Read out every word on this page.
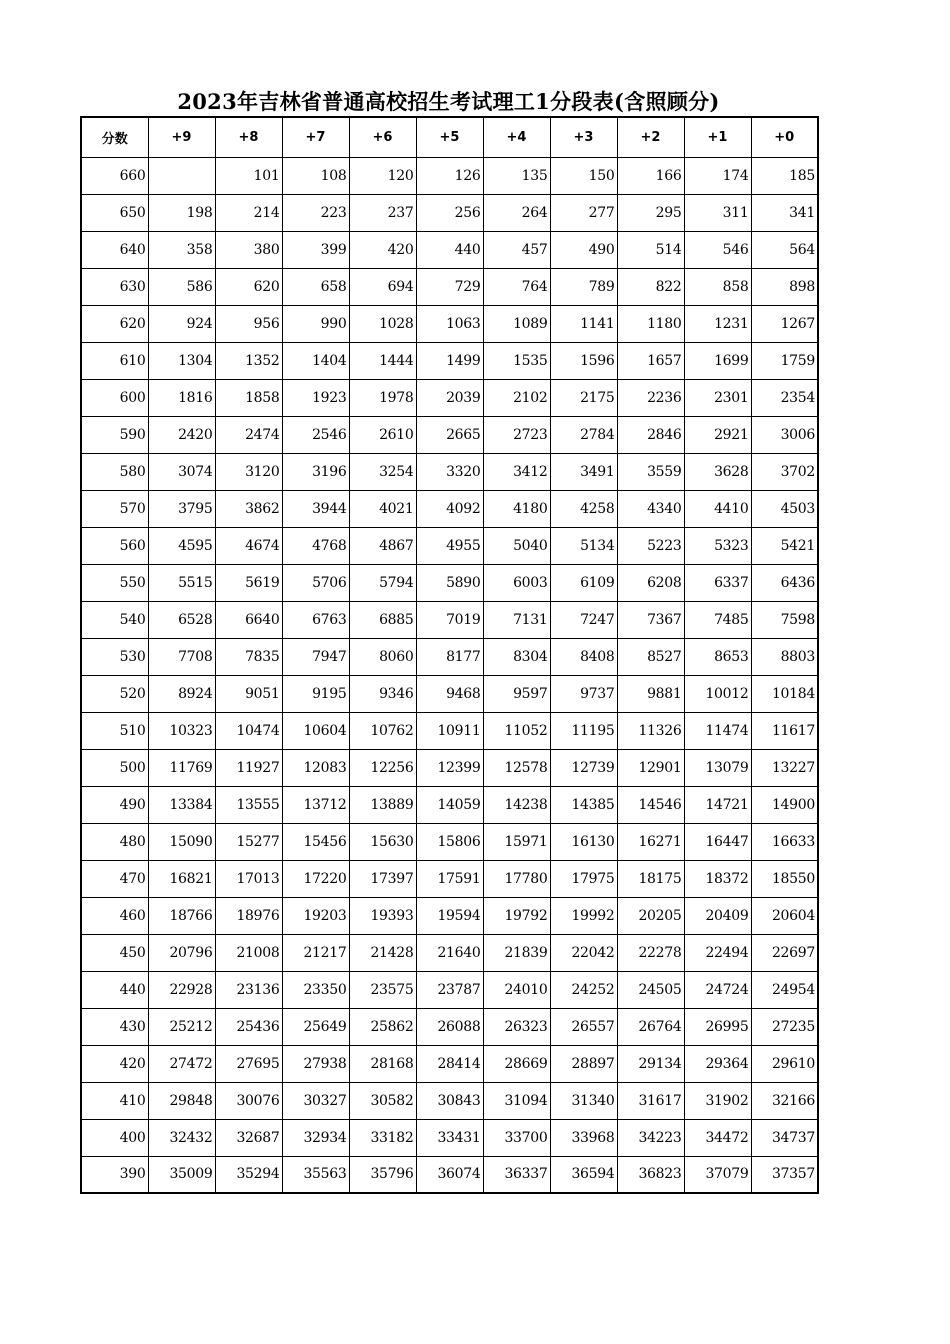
2023年吉林省普通高校招生考试理工1分段表(含照顾分)
分数	+9	+8	+7	+6	+5	+4	+3	+2	+1	+0
660		101	108	120	126	135	150	166	174	185
650	198	214	223	237	256	264	277	295	311	341
640	358	380	399	420	440	457	490	514	546	564
630	586	620	658	694	729	764	789	822	858	898
620	924	956	990	1028	1063	1089	1141	1180	1231	1267
610	1304	1352	1404	1444	1499	1535	1596	1657	1699	1759
600	1816	1858	1923	1978	2039	2102	2175	2236	2301	2354
590	2420	2474	2546	2610	2665	2723	2784	2846	2921	3006
580	3074	3120	3196	3254	3320	3412	3491	3559	3628	3702
570	3795	3862	3944	4021	4092	4180	4258	4340	4410	4503
560	4595	4674	4768	4867	4955	5040	5134	5223	5323	5421
550	5515	5619	5706	5794	5890	6003	6109	6208	6337	6436
540	6528	6640	6763	6885	7019	7131	7247	7367	7485	7598
530	7708	7835	7947	8060	8177	8304	8408	8527	8653	8803
520	8924	9051	9195	9346	9468	9597	9737	9881	10012	10184
510	10323	10474	10604	10762	10911	11052	11195	11326	11474	11617
500	11769	11927	12083	12256	12399	12578	12739	12901	13079	13227
490	13384	13555	13712	13889	14059	14238	14385	14546	14721	14900
480	15090	15277	15456	15630	15806	15971	16130	16271	16447	16633
470	16821	17013	17220	17397	17591	17780	17975	18175	18372	18550
460	18766	18976	19203	19393	19594	19792	19992	20205	20409	20604
450	20796	21008	21217	21428	21640	21839	22042	22278	22494	22697
440	22928	23136	23350	23575	23787	24010	24252	24505	24724	24954
430	25212	25436	25649	25862	26088	26323	26557	26764	26995	27235
420	27472	27695	27938	28168	28414	28669	28897	29134	29364	29610
410	29848	30076	30327	30582	30843	31094	31340	31617	31902	32166
400	32432	32687	32934	33182	33431	33700	33968	34223	34472	34737
390	35009	35294	35563	35796	36074	36337	36594	36823	37079	37357
